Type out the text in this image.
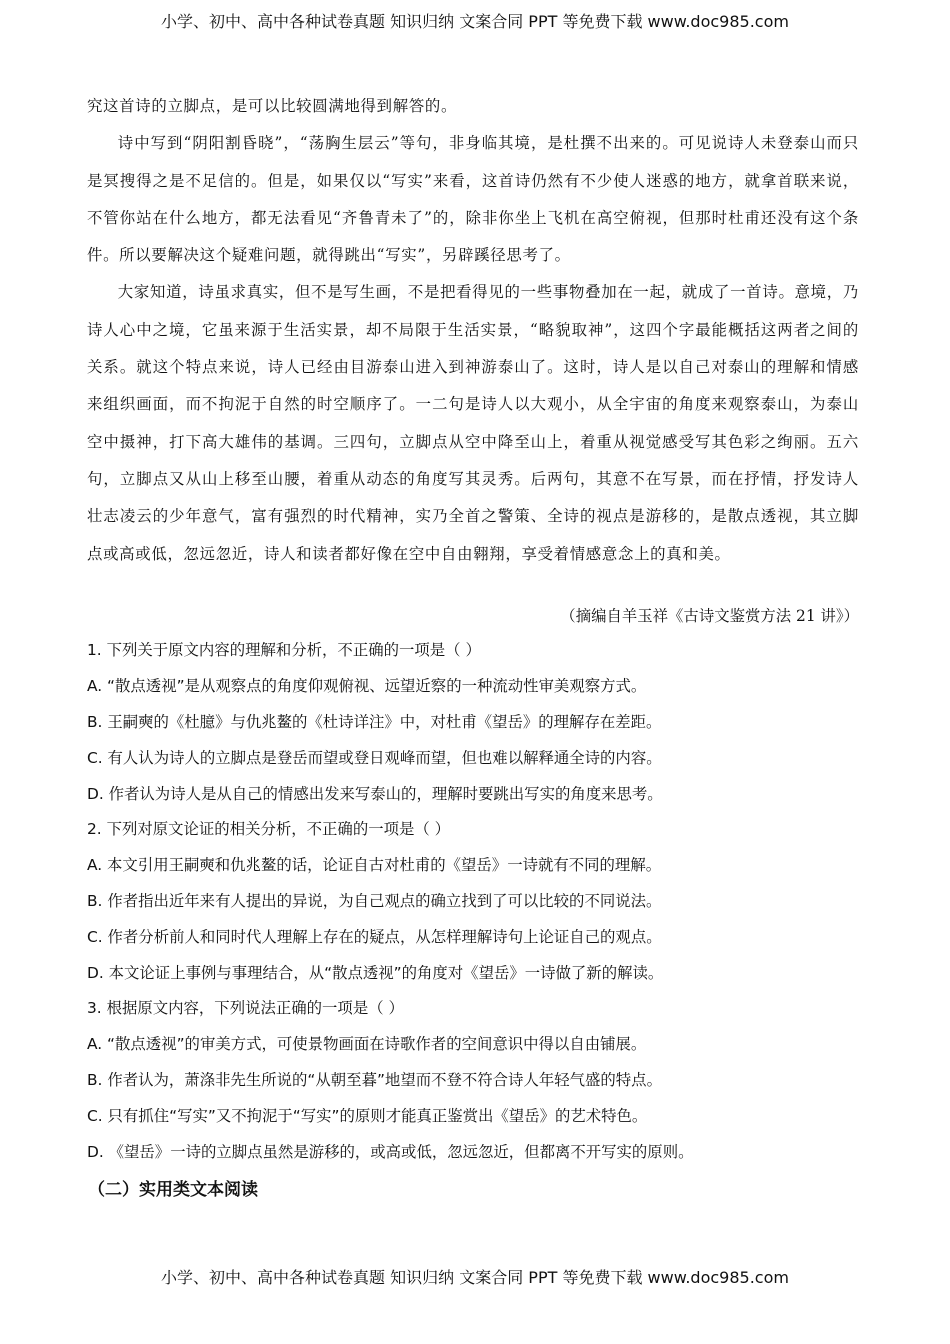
小学、初中、高中各种试卷真题 知识归纳 文案合同 PPT 等免费下载 www.doc985.com

究这首诗的立脚点，是可以比较圆满地得到解答的。

诗中写到“阴阳割昏晓”，“荡胸生层云”等句，非身临其境，是杜撰不出来的。可见说诗人未登泰山而只是冥搜得之是不足信的。但是，如果仅以“写实”来看，这首诗仍然有不少使人迷惑的地方，就拿首联来说，不管你站在什么地方，都无法看见“齐鲁青未了”的，除非你坐上飞机在高空俯视，但那时杜甫还没有这个条件。所以要解决这个疑难问题，就得跳出“写实”，另辟蹊径思考了。

大家知道，诗虽求真实，但不是写生画，不是把看得见的一些事物叠加在一起，就成了一首诗。意境，乃诗人心中之境，它虽来源于生活实景，却不局限于生活实景，“略貌取神”，这四个字最能概括这两者之间的关系。就这个特点来说，诗人已经由目游泰山进入到神游泰山了。这时，诗人是以自己对泰山的理解和情感来组织画面，而不拘泥于自然的时空顺序了。一二句是诗人以大观小，从全宇宙的角度来观察泰山，为泰山空中摄神，打下高大雄伟的基调。三四句，立脚点从空中降至山上，着重从视觉感受写其色彩之绚丽。五六句，立脚点又从山上移至山腰，着重从动态的角度写其灵秀。后两句，其意不在写景，而在抒情，抒发诗人壮志凌云的少年意气，富有强烈的时代精神，实乃全首之警策、全诗的视点是游移的，是散点透视，其立脚点或高或低，忽远忽近，诗人和读者都好像在空中自由翱翔，享受着情感意念上的真和美。

（摘编自羊玉祥《古诗文鉴赏方法 21 讲》）
1. 下列关于原文内容的理解和分析，不正确的一项是（ ）
A. “散点透视”是从观察点的角度仰观俯视、远望近察的一种流动性审美观察方式。
B. 王嗣奭的《杜臆》与仇兆鳌的《杜诗详注》中，对杜甫《望岳》的理解存在差距。
C. 有人认为诗人的立脚点是登岳而望或登日观峰而望，但也难以解释通全诗的内容。
D. 作者认为诗人是从自己的情感出发来写泰山的，理解时要跳出写实的角度来思考。
2. 下列对原文论证的相关分析，不正确的一项是（ ）
A. 本文引用王嗣奭和仇兆鳌的话，论证自古对杜甫的《望岳》一诗就有不同的理解。
B. 作者指出近年来有人提出的异说，为自己观点的确立找到了可以比较的不同说法。
C. 作者分析前人和同时代人理解上存在的疑点，从怎样理解诗句上论证自己的观点。
D. 本文论证上事例与事理结合，从“散点透视”的角度对《望岳》一诗做了新的解读。
3. 根据原文内容，下列说法正确的一项是（ ）
A. “散点透视”的审美方式，可使景物画面在诗歌作者的空间意识中得以自由铺展。
B. 作者认为，萧涤非先生所说的“从朝至暮”地望而不登不符合诗人年轻气盛的特点。
C. 只有抓住“写实”又不拘泥于“写实”的原则才能真正鉴赏出《望岳》的艺术特色。
D. 《望岳》一诗的立脚点虽然是游移的，或高或低，忽远忽近，但都离不开写实的原则。
（二）实用类文本阅读
小学、初中、高中各种试卷真题 知识归纳 文案合同 PPT 等免费下载 www.doc985.com
